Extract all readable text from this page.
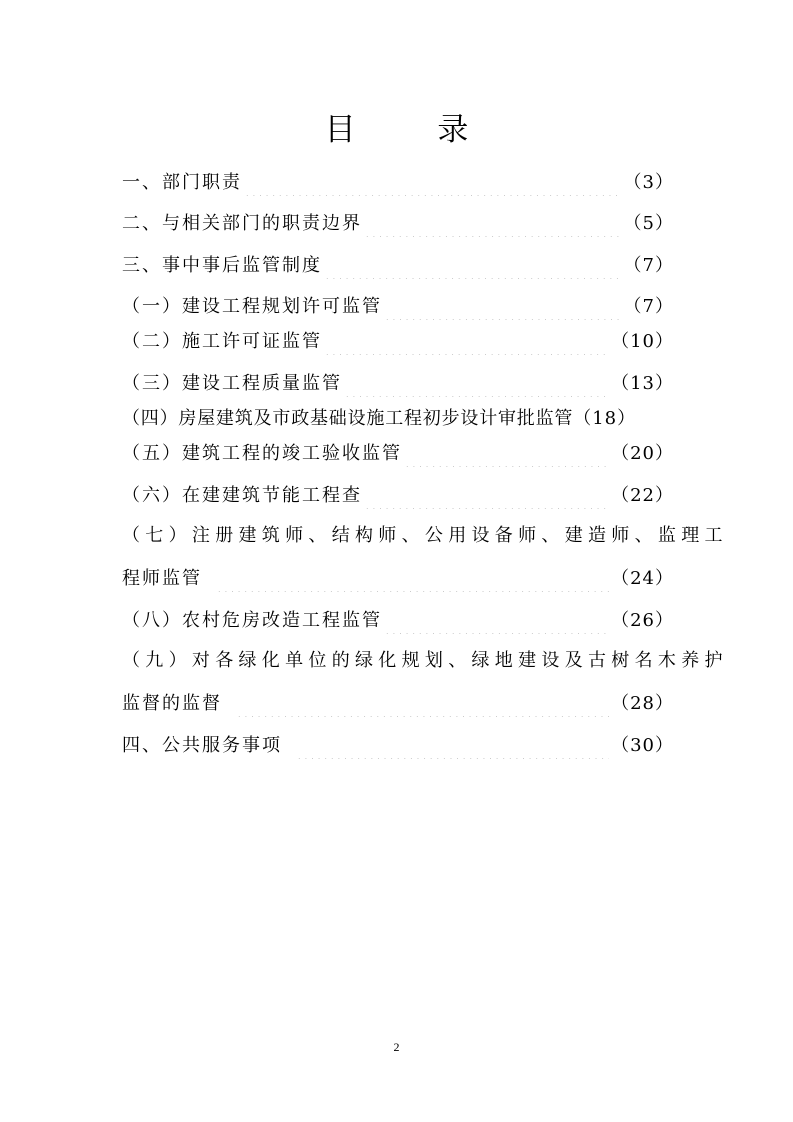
目 录
一、部门职责	（3）
二、与相关部门的职责边界	（5）
三、事中事后监管制度	（7）
（一）建设工程规划许可监管	（7）
（二）施工许可证监管	（10）
（三）建设工程质量监管	（13）
（四）房屋建筑及市政基础设施工程初步设计审批监管 （18）
（五）建筑工程的竣工验收监管	（20）
（六）在建建筑节能工程查	（22）
（七）注册建筑师、结构师、公用设备师、建造师、监理工
程师监管	（24）
（八）农村危房改造工程监管	（26）
（九）对各绿化单位的绿化规划、绿地建设及古树名木养护
监督的监督	（28）
四、公共服务事项	（30）
2
